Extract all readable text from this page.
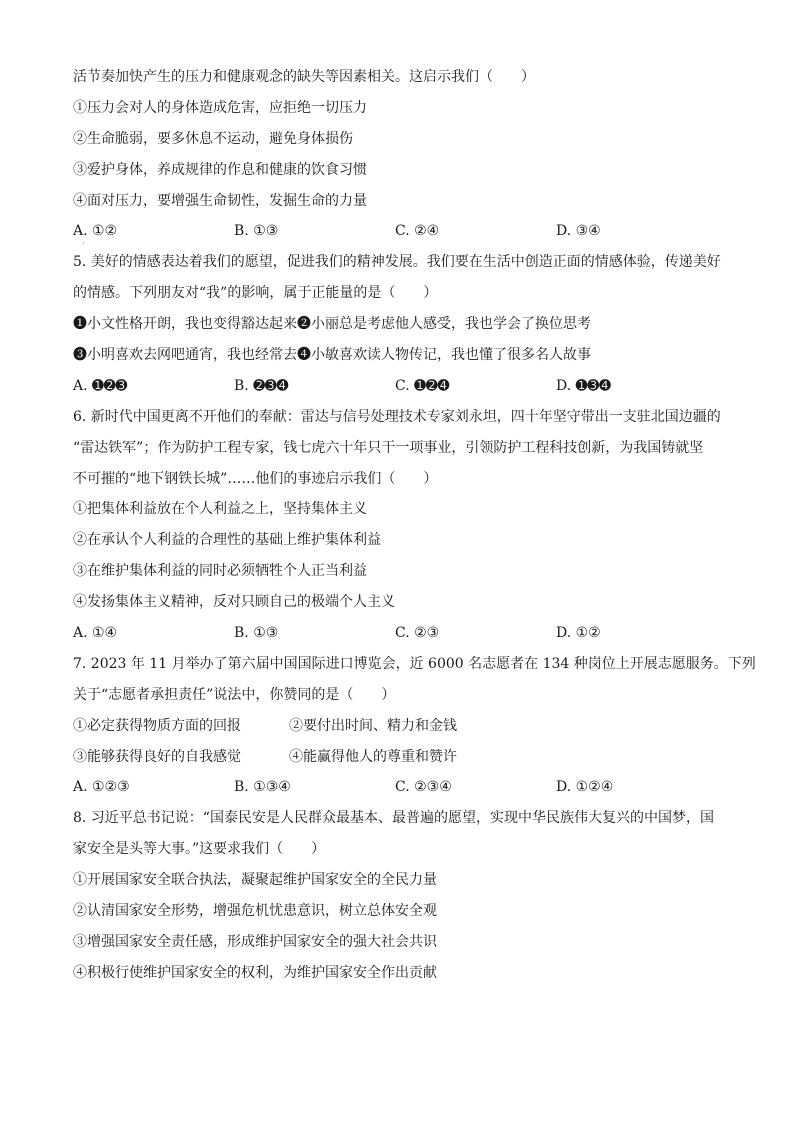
活节奏加快产生的压力和健康观念的缺失等因素相关。这启示我们（　　）
①压力会对人的身体造成危害，应拒绝一切压力
②生命脆弱，要多休息不运动，避免身体损伤
③爱护身体，养成规律的作息和健康的饮食习惯
④面对压力，要增强生命韧性，发掘生命的力量
A. ①②	B. ①③	C. ②④	D. ③④
5. 美好的情感表达着我们的愿望，促进我们的精神发展。我们要在生活中创造正面的情感体验，传递美好
的情感。下列朋友对“我”的影响，属于正能量的是（　　）
➊小文性格开朗，我也变得豁达起来➋小丽总是考虑他人感受，我也学会了换位思考
➌小明喜欢去网吧通宵，我也经常去➍小敏喜欢读人物传记，我也懂了很多名人故事
A. ➊➋➌	B. ➋➌➍	C. ➊➋➍	D. ➊➌➍
6. 新时代中国更离不开他们的奉献：雷达与信号处理技术专家刘永坦，四十年坚守带出一支驻北国边疆的
“雷达铁军”；作为防护工程专家，钱七虎六十年只干一项事业，引领防护工程科技创新，为我国铸就坚
不可摧的“地下钢铁长城”……他们的事迹启示我们（　　）
①把集体利益放在个人利益之上，坚持集体主义
②在承认个人利益的合理性的基础上维护集体利益
③在维护集体利益的同时必须牺牲个人正当利益
④发扬集体主义精神，反对只顾自己的极端个人主义
A. ①④	B. ①③	C. ②③	D. ①②
7. 2023 年 11 月举办了第六届中国国际进口博览会，近 6000 名志愿者在 134 种岗位上开展志愿服务。下列
关于“志愿者承担责任”说法中，你赞同的是（　　）
①必定获得物质方面的回报	②要付出时间、精力和金钱
③能够获得良好的自我感觉	④能赢得他人的尊重和赞许
A. ①②③	B. ①③④	C. ②③④	D. ①②④
8. 习近平总书记说：“国泰民安是人民群众最基本、最普遍的愿望，实现中华民族伟大复兴的中国梦，国
家安全是头等大事。”这要求我们（　　）
①开展国家安全联合执法，凝聚起维护国家安全的全民力量
②认清国家安全形势，增强危机忧患意识，树立总体安全观
③增强国家安全责任感，形成维护国家安全的强大社会共识
④积极行使维护国家安全的权利，为维护国家安全作出贡献
·
